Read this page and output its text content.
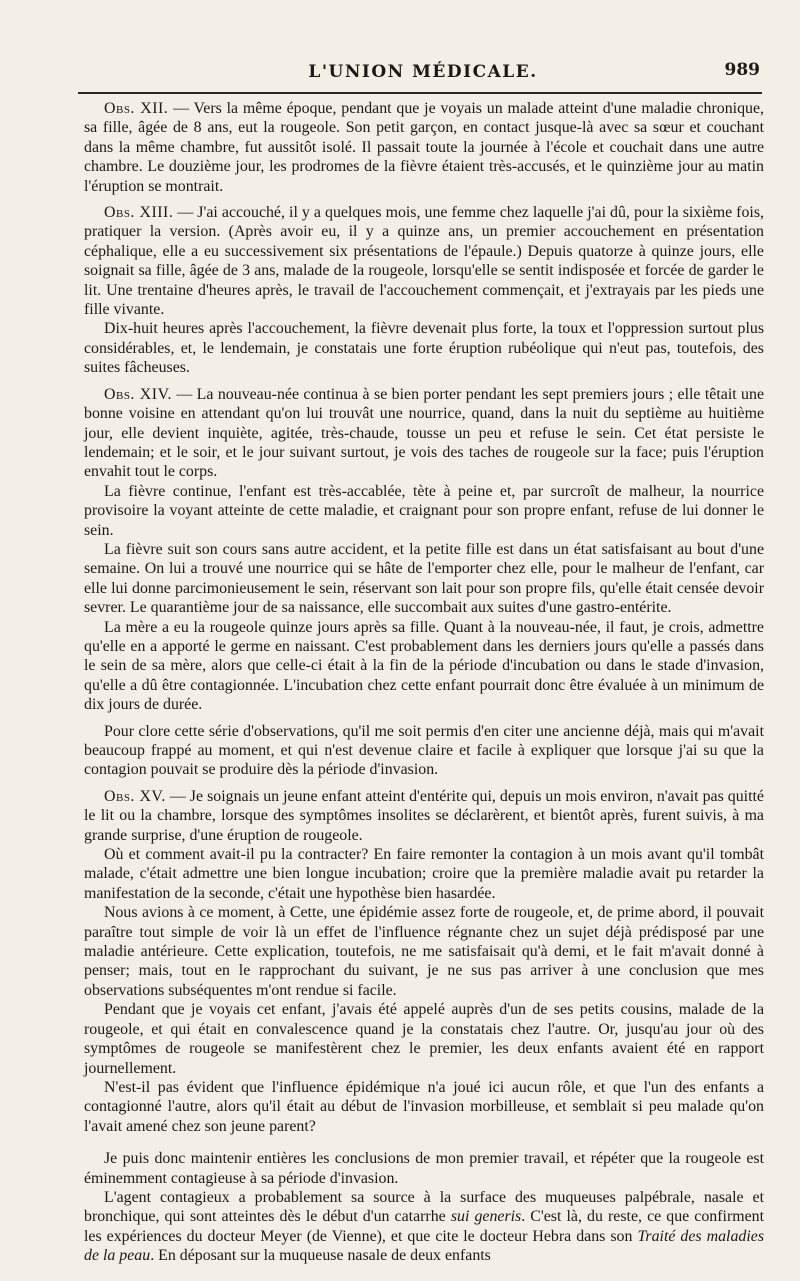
L'UNION MÉDICALE.	989

Obs. XII. — Vers la même époque, pendant que je voyais un malade atteint d'une maladie chronique, sa fille, âgée de 8 ans, eut la rougeole. Son petit garçon, en contact jusque-là avec sa sœur et couchant dans la même chambre, fut aussitôt isolé. Il passait toute la journée à l'école et couchait dans une autre chambre. Le douzième jour, les prodromes de la fièvre étaient très-accusés, et le quinzième jour au matin l'éruption se montrait.

Obs. XIII. — J'ai accouché, il y a quelques mois, une femme chez laquelle j'ai dû, pour la sixième fois, pratiquer la version. (Après avoir eu, il y a quinze ans, un premier accouchement en présentation céphalique, elle a eu successivement six présentations de l'épaule.) Depuis quatorze à quinze jours, elle soignait sa fille, âgée de 3 ans, malade de la rougeole, lorsqu'elle se sentit indisposée et forcée de garder le lit. Une trentaine d'heures après, le travail de l'accouchement commençait, et j'extrayais par les pieds une fille vivante.

Dix-huit heures après l'accouchement, la fièvre devenait plus forte, la toux et l'oppression surtout plus considérables, et, le lendemain, je constatais une forte éruption rubéolique qui n'eut pas, toutefois, des suites fâcheuses.

Obs. XIV. — La nouveau-née continua à se bien porter pendant les sept premiers jours ; elle têtait une bonne voisine en attendant qu'on lui trouvât une nourrice, quand, dans la nuit du septième au huitième jour, elle devient inquiète, agitée, très-chaude, tousse un peu et refuse le sein. Cet état persiste le lendemain; et le soir, et le jour suivant surtout, je vois des taches de rougeole sur la face; puis l'éruption envahit tout le corps.

La fièvre continue, l'enfant est très-accablée, tète à peine et, par surcroît de malheur, la nourrice provisoire la voyant atteinte de cette maladie, et craignant pour son propre enfant, refuse de lui donner le sein.

La fièvre suit son cours sans autre accident, et la petite fille est dans un état satisfaisant au bout d'une semaine. On lui a trouvé une nourrice qui se hâte de l'emporter chez elle, pour le malheur de l'enfant, car elle lui donne parcimonieusement le sein, réservant son lait pour son propre fils, qu'elle était censée devoir sevrer. Le quarantième jour de sa naissance, elle succombait aux suites d'une gastro-entérite.

La mère a eu la rougeole quinze jours après sa fille. Quant à la nouveau-née, il faut, je crois, admettre qu'elle en a apporté le germe en naissant. C'est probablement dans les derniers jours qu'elle a passés dans le sein de sa mère, alors que celle-ci était à la fin de la période d'incubation ou dans le stade d'invasion, qu'elle a dû être contagionnée. L'incubation chez cette enfant pourrait donc être évaluée à un minimum de dix jours de durée.

Pour clore cette série d'observations, qu'il me soit permis d'en citer une ancienne déjà, mais qui m'avait beaucoup frappé au moment, et qui n'est devenue claire et facile à expliquer que lorsque j'ai su que la contagion pouvait se produire dès la période d'invasion.

Obs. XV. — Je soignais un jeune enfant atteint d'entérite qui, depuis un mois environ, n'avait pas quitté le lit ou la chambre, lorsque des symptômes insolites se déclarèrent, et bientôt après, furent suivis, à ma grande surprise, d'une éruption de rougeole.

Où et comment avait-il pu la contracter? En faire remonter la contagion à un mois avant qu'il tombât malade, c'était admettre une bien longue incubation; croire que la première maladie avait pu retarder la manifestation de la seconde, c'était une hypothèse bien hasardée.

Nous avions à ce moment, à Cette, une épidémie assez forte de rougeole, et, de prime abord, il pouvait paraître tout simple de voir là un effet de l'influence régnante chez un sujet déjà prédisposé par une maladie antérieure. Cette explication, toutefois, ne me satisfaisait qu'à demi, et le fait m'avait donné à penser; mais, tout en le rapprochant du suivant, je ne sus pas arriver à une conclusion que mes observations subséquentes m'ont rendue si facile.

Pendant que je voyais cet enfant, j'avais été appelé auprès d'un de ses petits cousins, malade de la rougeole, et qui était en convalescence quand je la constatais chez l'autre. Or, jusqu'au jour où des symptômes de rougeole se manifestèrent chez le premier, les deux enfants avaient été en rapport journellement.

N'est-il pas évident que l'influence épidémique n'a joué ici aucun rôle, et que l'un des enfants a contagionné l'autre, alors qu'il était au début de l'invasion morbilleuse, et semblait si peu malade qu'on l'avait amené chez son jeune parent?

Je puis donc maintenir entières les conclusions de mon premier travail, et répéter que la rougeole est éminemment contagieuse à sa période d'invasion.

L'agent contagieux a probablement sa source à la surface des muqueuses palpébrale, nasale et bronchique, qui sont atteintes dès le début d'un catarrhe sui generis. C'est là, du reste, ce que confirment les expériences du docteur Meyer (de Vienne), et que cite le docteur Hebra dans son Traité des maladies de la peau. En déposant sur la muqueuse nasale de deux enfants
